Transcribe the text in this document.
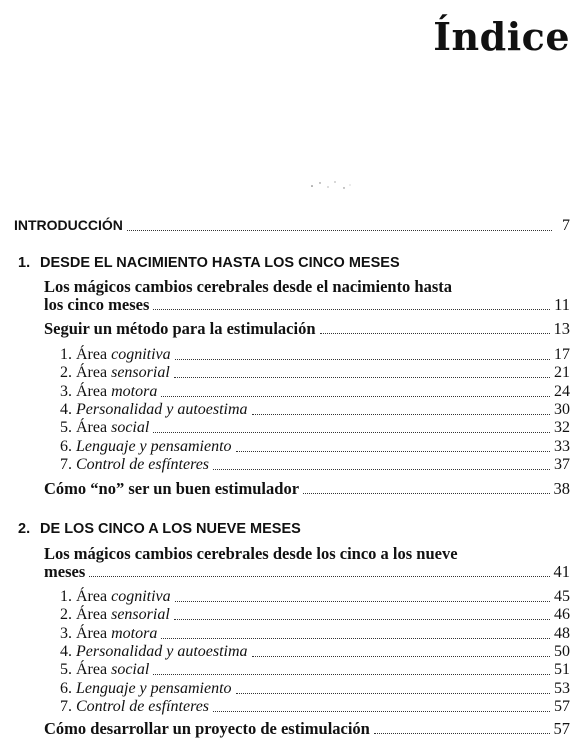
Índice
INTRODUCCIÓN	7
1. DESDE EL NACIMIENTO HASTA LOS CINCO MESES
Los mágicos cambios cerebrales desde el nacimiento hasta
los cinco meses	11
Seguir un método para la estimulación	13
1. Área cognitiva	17
2. Área sensorial	21
3. Área motora	24
4. Personalidad y autoestima	30
5. Área social	32
6. Lenguaje y pensamiento	33
7. Control de esfínteres	37
Cómo “no” ser un buen estimulador	38
2. DE LOS CINCO A LOS NUEVE MESES
Los mágicos cambios cerebrales desde los cinco a los nueve
meses	41
1. Área cognitiva	45
2. Área sensorial	46
3. Área motora	48
4. Personalidad y autoestima	50
5. Área social	51
6. Lenguaje y pensamiento	53
7. Control de esfínteres	57
Cómo desarrollar un proyecto de estimulación	57
